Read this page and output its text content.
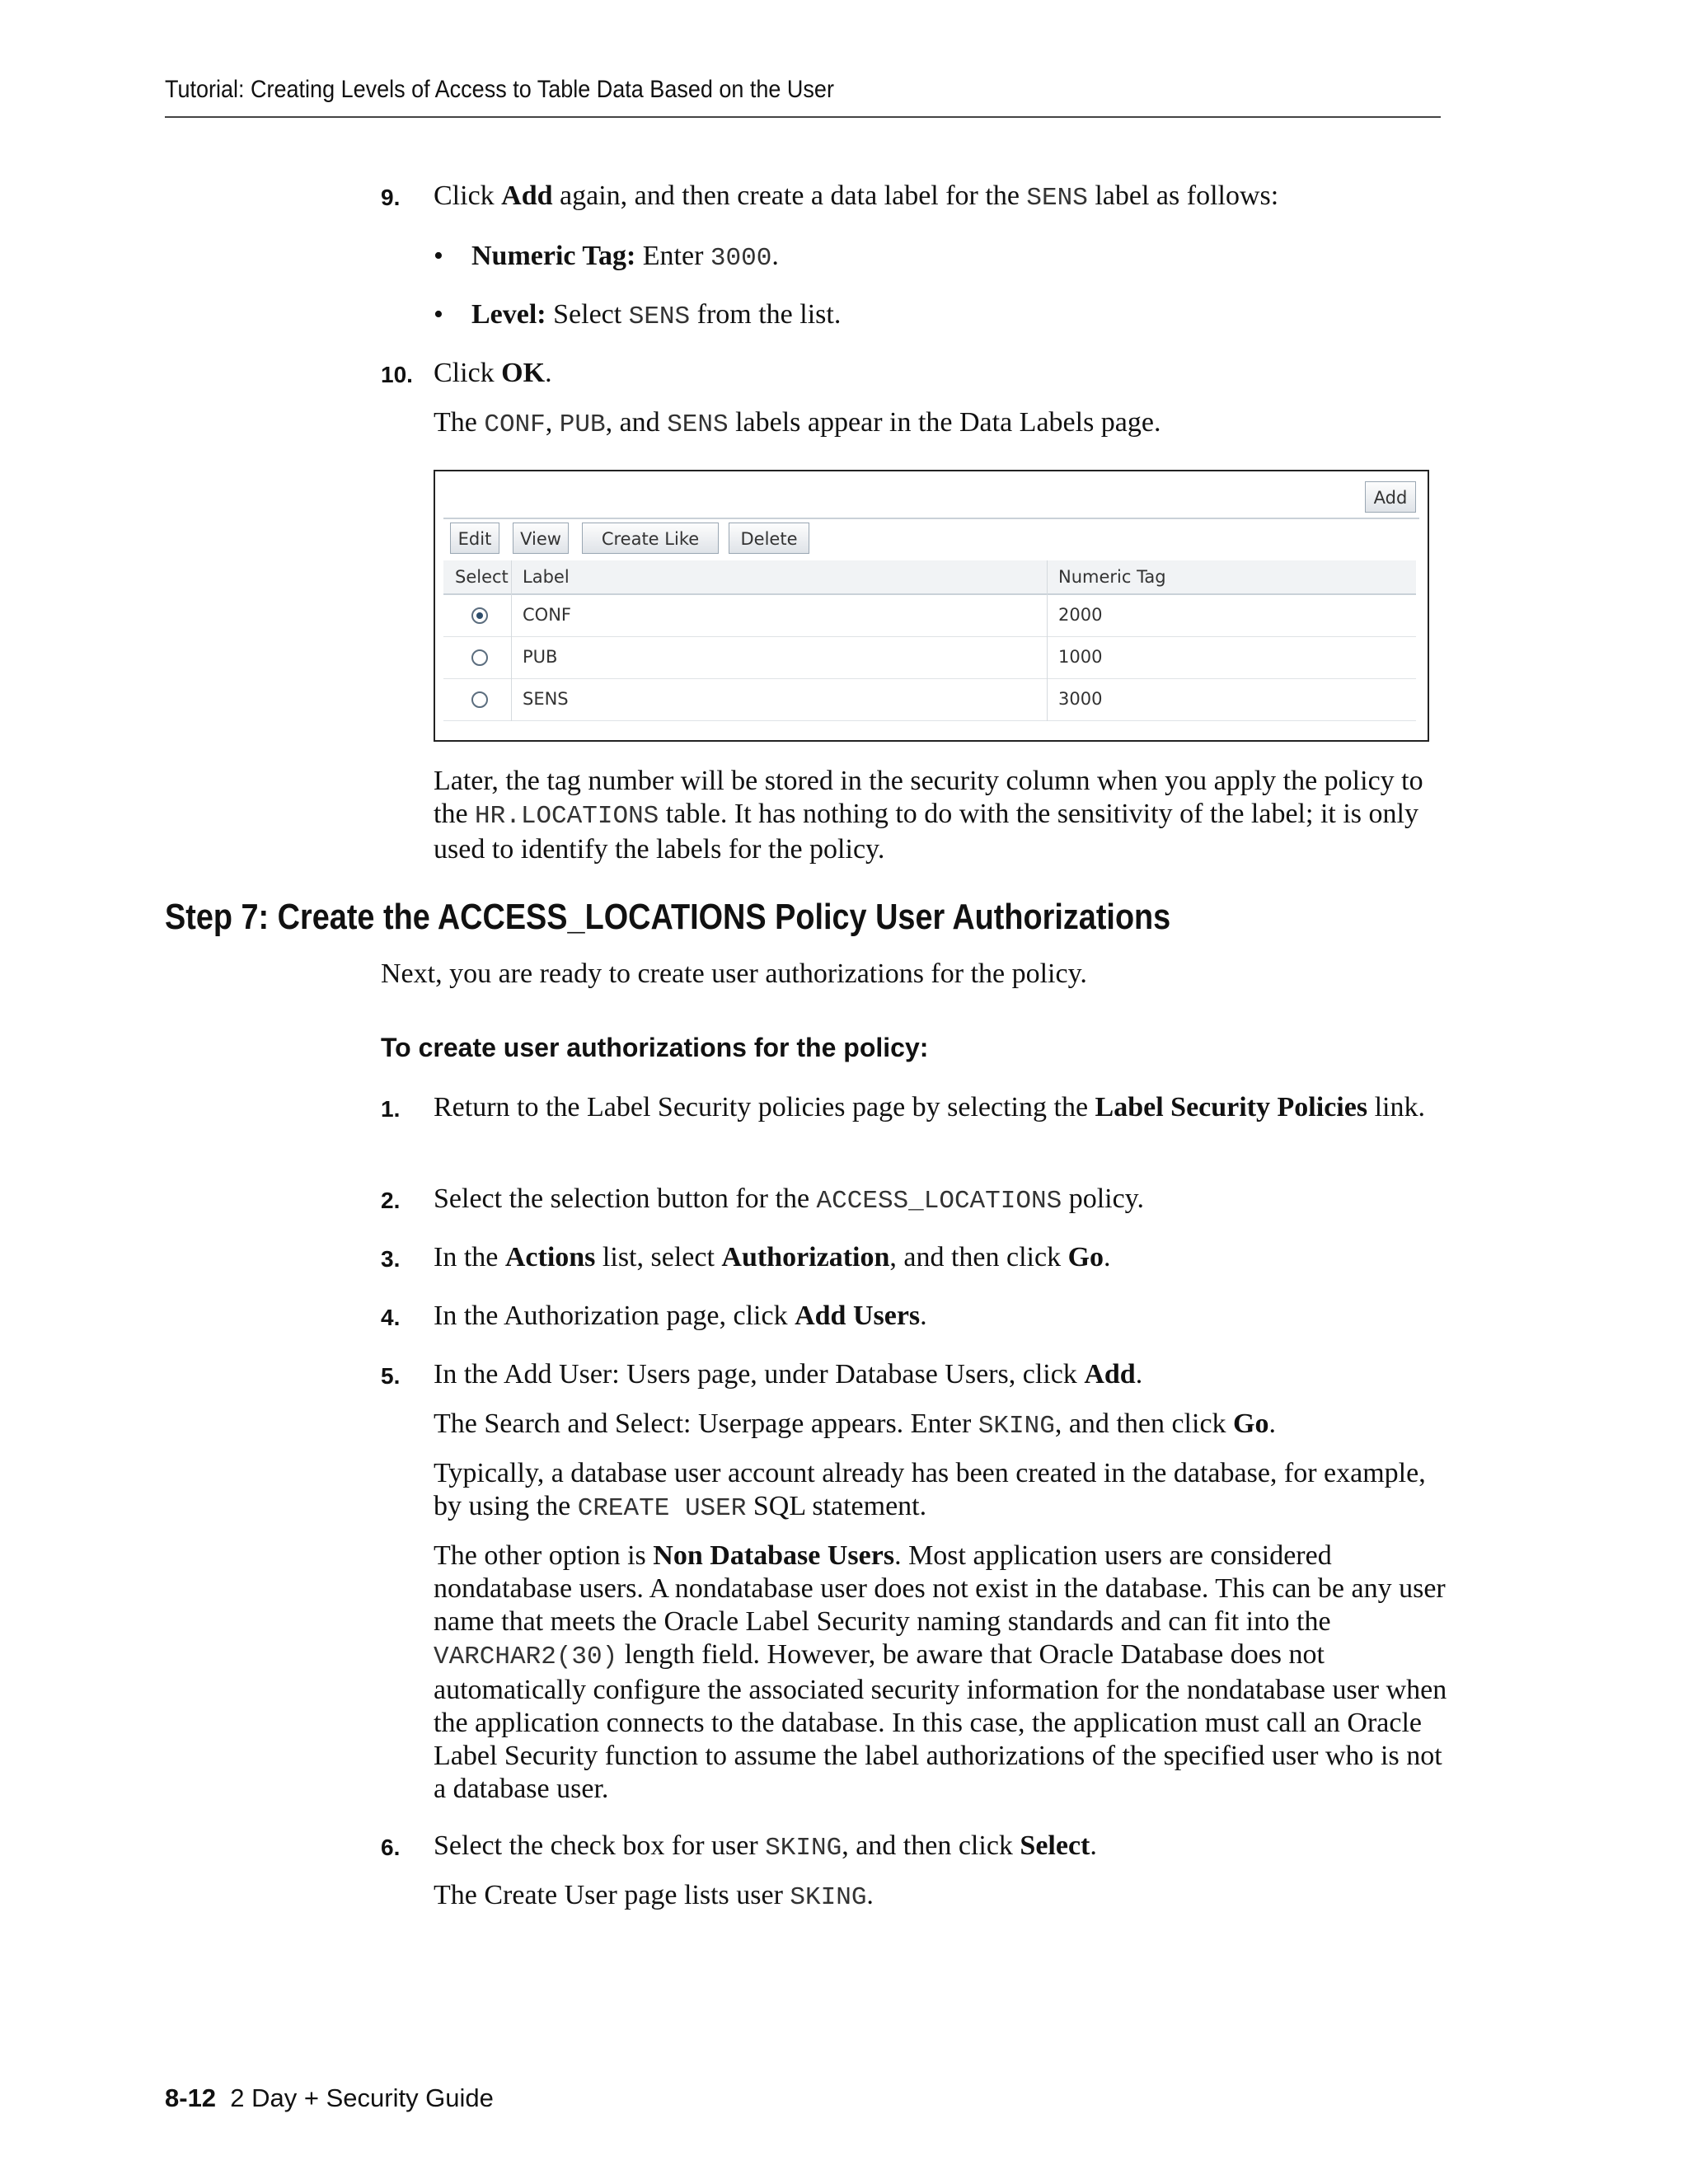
Tutorial: Creating Levels of Access to Table Data Based on the User
9. Click Add again, and then create a data label for the SENS label as follows:
• Numeric Tag: Enter 3000.
• Level: Select SENS from the list.
10. Click OK.
The CONF, PUB, and SENS labels appear in the Data Labels page.
Add
Edit	View	Create Like	Delete
Select Label	Numeric Tag
CONF	2000
PUB	1000
SENS	3000
Later, the tag number will be stored in the security column when you apply the policy to the HR.LOCATIONS table. It has nothing to do with the sensitivity of the label; it is only used to identify the labels for the policy.
Step 7: Create the ACCESS_LOCATIONS Policy User Authorizations
Next, you are ready to create user authorizations for the policy.
To create user authorizations for the policy:
1. Return to the Label Security policies page by selecting the Label Security Policies link.
2. Select the selection button for the ACCESS_LOCATIONS policy.
3. In the Actions list, select Authorization, and then click Go.
4. In the Authorization page, click Add Users.
5. In the Add User: Users page, under Database Users, click Add.
The Search and Select: Userpage appears. Enter SKING, and then click Go.
Typically, a database user account already has been created in the database, for example, by using the CREATE USER SQL statement.
The other option is Non Database Users. Most application users are considered nondatabase users. A nondatabase user does not exist in the database. This can be any user name that meets the Oracle Label Security naming standards and can fit into the VARCHAR2(30) length field. However, be aware that Oracle Database does not automatically configure the associated security information for the nondatabase user when the application connects to the database. In this case, the application must call an Oracle Label Security function to assume the label authorizations of the specified user who is not a database user.
6. Select the check box for user SKING, and then click Select.
The Create User page lists user SKING.
8-12 2 Day + Security Guide
